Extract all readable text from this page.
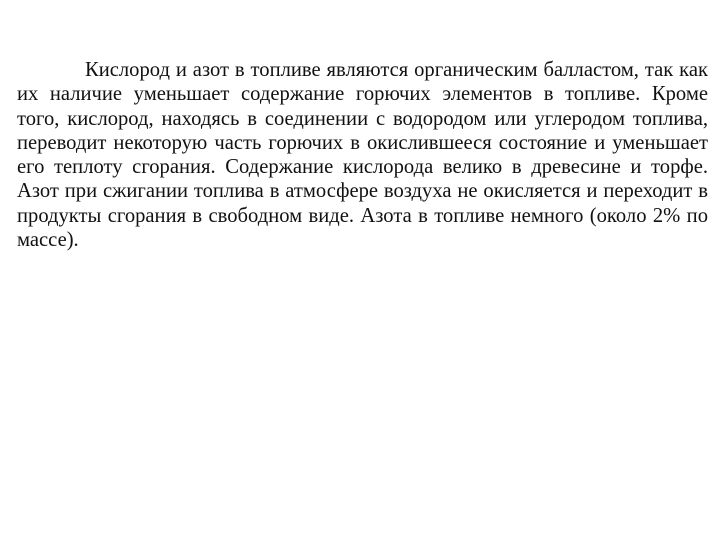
Кислород и азот в топливе являются органическим балластом, так как
их наличие уменьшает содержание горючих элементов в топливе. Кроме
того, кислород, находясь в соединении с водородом или углеродом топлива,
переводит некоторую часть горючих в окислившееся состояние и уменьшает
его теплоту сгорания. Содержание кислорода велико в древесине и торфе.
Азот при сжигании топлива в атмосфере воздуха не окисляется и переходит в
продукты сгорания в свободном виде. Азота в топливе немного (около 2% по
массе).
